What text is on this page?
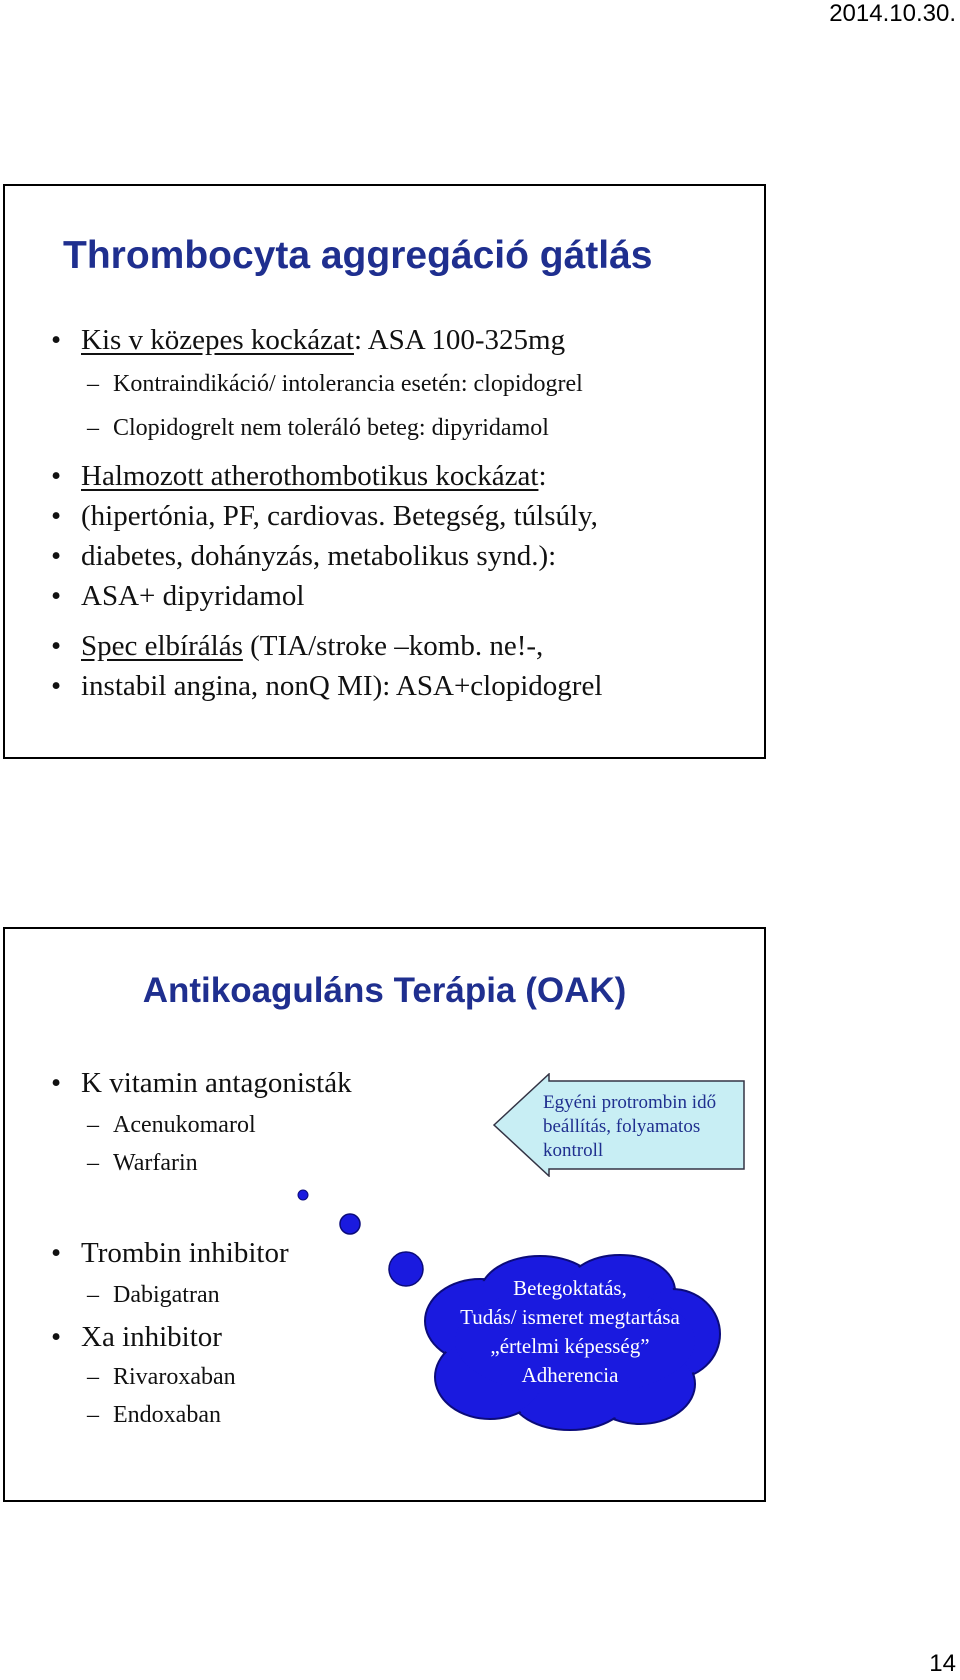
2014.10.30.
Thrombocyta aggregáció gátlás
• Kis v közepes kockázat: ASA 100-325mg
– Kontraindikáció/ intolerancia esetén: clopidogrel
– Clopidogrelt nem toleráló beteg: dipyridamol
• Halmozott atherothombotikus kockázat:
• (hipertónia, PF, cardiovas. Betegség, túlsúly,
• diabetes, dohányzás, metabolikus synd.):
• ASA+ dipyridamol
• Spec elbírálás (TIA/stroke –komb. ne!-,
• instabil angina, nonQ MI): ASA+clopidogrel
Antikoaguláns Terápia (OAK)
• K vitamin antagonisták
– Acenukomarol
– Warfarin
• Trombin inhibitor
– Dabigatran
• Xa inhibitor
– Rivaroxaban
– Endoxaban
Egyéni protrombin idő
beállítás, folyamatos
kontroll
Betegoktatás,
Tudás/ ismeret megtartása
„értelmi képesség”
Adherencia
14
